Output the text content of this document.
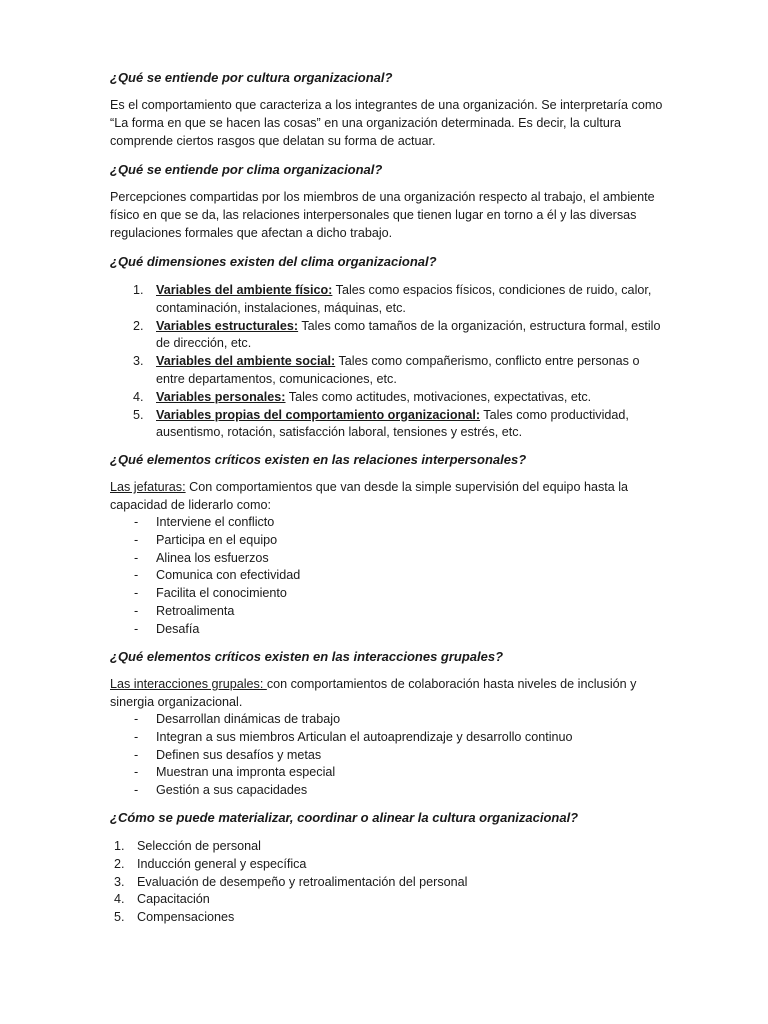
¿Qué se entiende por cultura organizacional?

Es el comportamiento que caracteriza a los integrantes de una organización. Se interpretaría como “La forma en que se hacen las cosas” en una organización determinada. Es decir, la cultura comprende ciertos rasgos que delatan su forma de actuar.

¿Qué se entiende por clima organizacional?

Percepciones compartidas por los miembros de una organización respecto al trabajo, el ambiente físico en que se da, las relaciones interpersonales que tienen lugar en torno a él y las diversas regulaciones formales que afectan a dicho trabajo.

¿Qué dimensiones existen del clima organizacional?
1. Variables del ambiente físico: Tales como espacios físicos, condiciones de ruido, calor, contaminación, instalaciones, máquinas, etc.
2. Variables estructurales: Tales como tamaños de la organización, estructura formal, estilo de dirección, etc.
3. Variables del ambiente social: Tales como compañerismo, conflicto entre personas o entre departamentos, comunicaciones, etc.
4. Variables personales: Tales como actitudes, motivaciones, expectativas, etc.
5. Variables propias del comportamiento organizacional: Tales como productividad, ausentismo, rotación, satisfacción laboral, tensiones y estrés, etc.
¿Qué elementos críticos existen en las relaciones interpersonales?

Las jefaturas: Con comportamientos que van desde la simple supervisión del equipo hasta la capacidad de liderarlo como:

- Interviene el conflicto
- Participa en el equipo
- Alinea los esfuerzos
- Comunica con efectividad
- Facilita el conocimiento
- Retroalimenta
- Desafía
¿Qué elementos críticos existen en las interacciones grupales?

Las interacciones grupales: con comportamientos de colaboración hasta niveles de inclusión y sinergia organizacional.

- Desarrollan dinámicas de trabajo
- Integran a sus miembros Articulan el autoaprendizaje y desarrollo continuo
- Definen sus desafíos y metas
- Muestran una impronta especial
- Gestión a sus capacidades
¿Cómo se puede materializar, coordinar o alinear la cultura organizacional?
1. Selección de personal
2. Inducción general y específica
3. Evaluación de desempeño y retroalimentación del personal
4. Capacitación
5. Compensaciones
